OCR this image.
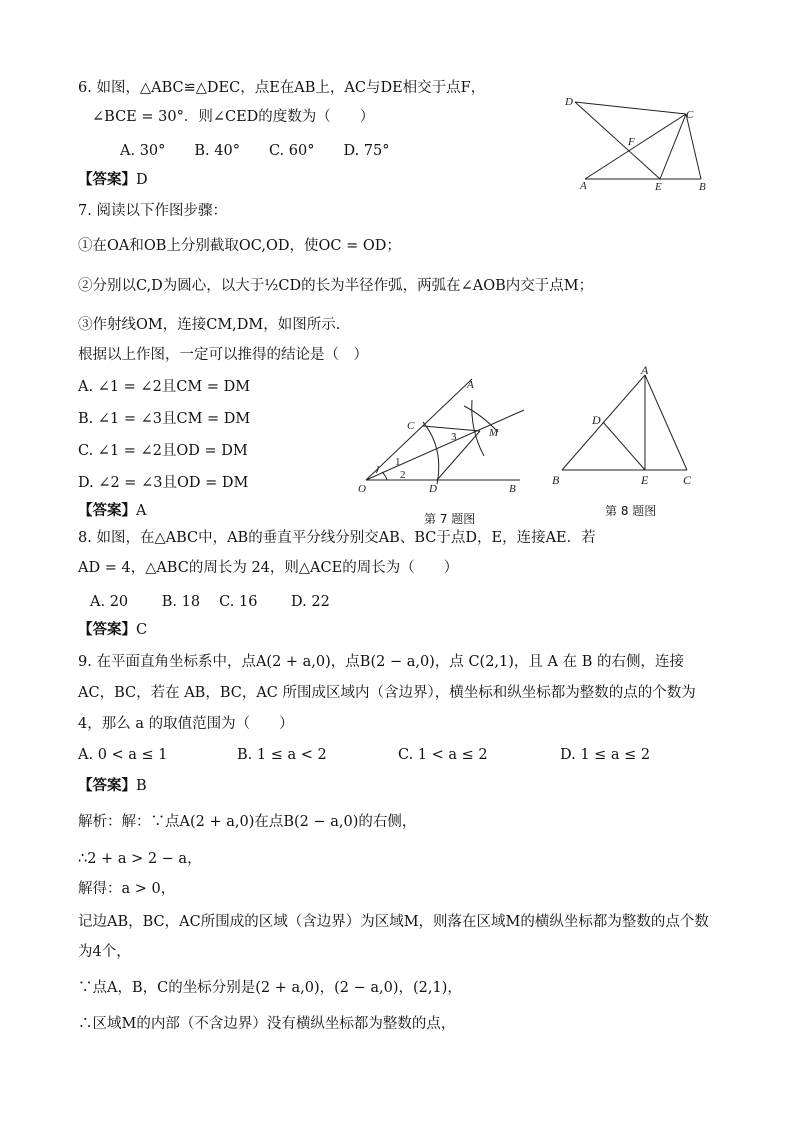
6. 如图，△ABC≌△DEC，点E在AB上，AC与DE相交于点F，
∠BCE = 30°．则∠CED的度数为（　　）
A. 30°　　B. 40°　　C. 60°　　D. 75°
【答案】D
D
C
F
A	E	B
7. 阅读以下作图步骤：
①在OA和OB上分别截取OC,OD，使OC = OD；
②分别以C,D为圆心，以大于½CD的长为半径作弧，两弧在∠AOB内交于点M；
③作射线OM，连接CM,DM，如图所示.
根据以上作图，一定可以推得的结论是（　）
A. ∠1 = ∠2且CM = DM
B. ∠1 = ∠3且CM = DM
C. ∠1 = ∠2且OD = DM
D. ∠2 = ∠3且OD = DM
【答案】A
A
C
M
3
1
2
O	D	B
第 7 题图
A
D
B	E	C
第 8 题图
8. 如图，在△ABC中，AB的垂直平分线分别交AB、BC于点D，E，连接AE．若
AD = 4，△ABC的周长为 24，则△ACE的周长为（　　）
A. 20　　 B. 18　 C. 16　　 D. 22
【答案】C
9. 在平面直角坐标系中，点A(2 + a,0)，点B(2 − a,0)，点 C(2,1)，且 A 在 B 的右侧，连接
AC，BC，若在 AB，BC，AC 所围成区域内（含边界），横坐标和纵坐标都为整数的点的个数为
4，那么 a 的取值范围为（　　）
A. 0 < a ≤ 1	B. 1 ≤ a < 2	C. 1 < a ≤ 2	D. 1 ≤ a ≤ 2
【答案】B
解析：解：∵点A(2 + a,0)在点B(2 − a,0)的右侧，
∴2 + a > 2 − a，
解得：a > 0，
记边AB，BC，AC所围成的区域（含边界）为区域M，则落在区域M的横纵坐标都为整数的点个数
为4个，
∵点A，B，C的坐标分别是(2 + a,0)，(2 − a,0)，(2,1)，
∴区域M的内部（不含边界）没有横纵坐标都为整数的点，
